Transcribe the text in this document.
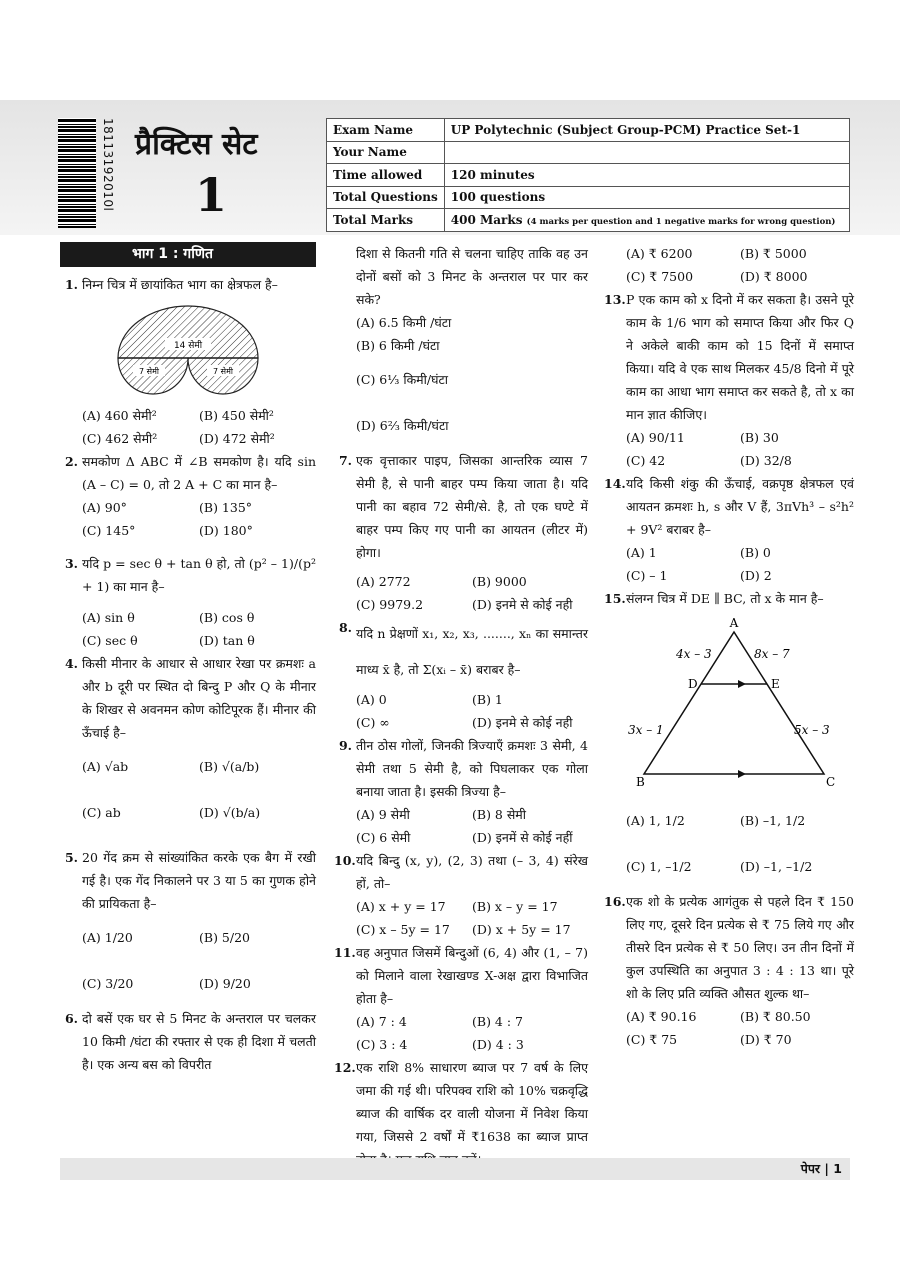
18113192010l प्रैक्टिस सेट
1
Exam Name	UP Polytechnic (Subject Group-PCM) Practice Set-1
Your Name	
Time allowed	120 minutes
Total Questions	100 questions
Total Marks	400 Marks (4 marks per question and 1 negative marks for wrong question)
भाग 1 : गणित
1. निम्न चित्र में छायांकित भाग का क्षेत्रफल है–
14 सेमी
7 सेमी	7 सेमी
(A) 460 सेमी²	(B) 450 सेमी²
(C) 462 सेमी²	(D) 472 सेमी²
2. समकोण Δ ABC में ∠B समकोण है। यदि sin (A – C) = 0, तो 2 A + C का मान है–
(A) 90°	(B) 135°
(C) 145°	(D) 180°
3. यदि p = sec θ + tan θ हो, तो (p² – 1)/(p² + 1) का मान है–
(A) sin θ	(B) cos θ
(C) sec θ	(D) tan θ
4. किसी मीनार के आधार से आधार रेखा पर क्रमशः a और b दूरी पर स्थित दो बिन्दु P और Q के मीनार के शिखर से अवनमन कोण कोटिपूरक हैं। मीनार की ऊँचाई है–
(A) √ab	(B) √(a/b)
(C) ab	(D) √(b/a)
5. 20 गेंद क्रम से सांख्यांकित करके एक बैग में रखी गई है। एक गेंद निकालने पर 3 या 5 का गुणक होने की प्रायिकता है–
(A) 1/20	(B) 5/20
(C) 3/20	(D) 9/20
6. दो बसें एक घर से 5 मिनट के अन्तराल पर चलकर 10 किमी /घंटा की रफ्तार से एक ही दिशा में चलती है। एक अन्य बस को विपरीत
दिशा से कितनी गति से चलना चाहिए ताकि वह उन दोनों बसों को 3 मिनट के अन्तराल पर पार कर सके?
(A) 6.5 किमी /घंटा
(B) 6 किमी /घंटा
(C) 6⅓ किमी/घंटा
(D) 6⅔ किमी/घंटा
7. एक वृत्ताकार पाइप, जिसका आन्तरिक व्यास 7 सेमी है, से पानी बाहर पम्प किया जाता है। यदि पानी का बहाव 72 सेमी/से. है, तो एक घण्टे में बाहर पम्प किए गए पानी का आयतन (लीटर में) होगा।
(A) 2772	(B) 9000
(C) 9979.2	(D) इनमे से कोई नही
8. यदि n प्रेक्षणों x₁, x₂, x₃, ......., xₙ का समान्तर माध्य x̄ है, तो Σ(xᵢ – x̄) बराबर है–
(A) 0	(B) 1
(C) ∞	(D) इनमे से कोई नही
9. तीन ठोस गोलों, जिनकी त्रिज्याएँ क्रमशः 3 सेमी, 4 सेमी तथा 5 सेमी है, को पिघलाकर एक गोला बनाया जाता है। इसकी त्रिज्या है–
(A) 9 सेमी	(B) 8 सेमी
(C) 6 सेमी	(D) इनमें से कोई नहीं
10. यदि बिन्दु (x, y), (2, 3) तथा (– 3, 4) संरेख हों, तो–
(A) x + y = 17	(B) x – y = 17
(C) x – 5y = 17	(D) x + 5y = 17
11. वह अनुपात जिसमें बिन्दुओं (6, 4) और (1, – 7) को मिलाने वाला रेखाखण्ड X-अक्ष द्वारा विभाजित होता है–
(A) 7 : 4	(B) 4 : 7
(C) 3 : 4	(D) 4 : 3
12. एक राशि 8% साधारण ब्याज पर 7 वर्ष के लिए जमा की गई थी। परिपक्व राशि को 10% चक्रवृद्धि ब्याज की वार्षिक दर वाली योजना में निवेश किया गया, जिससे 2 वर्षों में ₹1638 का ब्याज प्राप्त
(A) ₹ 6200	(B) ₹ 5000
(C) ₹ 7500	(D) ₹ 8000
13. P एक काम को x दिनो में कर सकता है। उसने पूरे काम के 1/6 भाग को समाप्त किया और फिर Q ने अकेले बाकी काम को 15 दिनों में समाप्त किया। यदि वे एक साथ मिलकर 45/8 दिनो में पूरे काम का आधा भाग समाप्त कर सकते है, तो x का मान ज्ञात कीजिए।
(A) 90/11	(B) 30
(C) 42	(D) 32/8
14. यदि किसी शंकु की ऊँचाई, वक्रपृष्ठ क्षेत्रफल एवं आयतन क्रमशः h, s और V हैं, 3πVh³ – s²h² + 9V² बराबर है–
(A) 1	(B) 0
(C) – 1	(D) 2
15. संलग्न चित्र में DE ∥ BC, तो x के मान है–
A
B	C
D	E
4x – 3	8x – 7
3x – 1	5x – 3
(A) 1, 1/2	(B) –1, 1/2
(C) 1, –1/2	(D) –1, –1/2
16. एक शो के प्रत्येक आगंतुक से पहले दिन ₹ 150 लिए गए, दूसरे दिन प्रत्येक से ₹ 75 लिये गए और तीसरे दिन प्रत्येक से ₹ 50 लिए। उन तीन दिनों में कुल उपस्थिति का अनुपात 3 : 4 : 13 था। पूरे शो के लिए प्रति व्यक्ति औसत शुल्क था–
(A) ₹ 90.16	(B) ₹ 80.50
(C) ₹ 75	(D) ₹ 70
पेपर | 1
